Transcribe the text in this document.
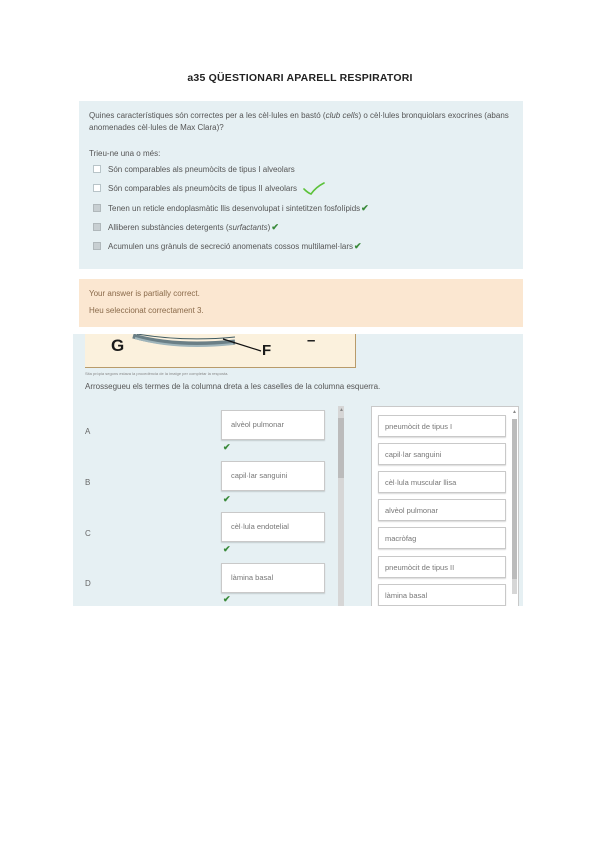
a35 QÜESTIONARI APARELL RESPIRATORI
Quines característiques són correctes per a les cèl·lules en bastó (club cells) o cèl·lules bronquiolars exocrines (abans anomenades cèl·lules de Max Clara)?
Trieu-ne una o més:
Són comparables als pneumòcits de tipus I alveolars
Són comparables als pneumòcits de tipus II alveolars
Tenen un reticle endoplasmàtic llis desenvolupat i sintetitzen fosfolípids✔
Alliberen substàncies detergents (surfactants)✔
Acumulen uns grànuls de secreció anomenats cossos multilamel·lars✔
Your answer is partially correct.
Heu seleccionat correctament 3.
G	F
–
Sita pròpia segons estava la procedència de la imatge per completar la resposta.
Arrossegueu els termes de la columna dreta a les caselles de la columna esquerra.
A
alvèol pulmonar
✔
B
capil·lar sanguini
✔
C
cèl·lula endotelial
✔
D
làmina basal
✔
▲
pneumòcit de tipus I
capil·lar sanguini
cèl·lula muscular llisa
alvèol pulmonar
macròfag
pneumòcit de tipus II
làmina basal
▲
